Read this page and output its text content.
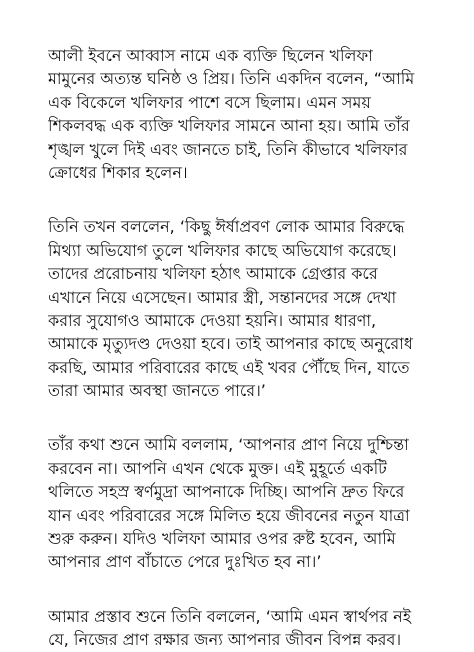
আলী ইবনে আব্বাস নামে এক ব্যক্তি ছিলেন খলিফা
মামুনের অত্যন্ত ঘনিষ্ঠ ও প্রিয়। তিনি একদিন বলেন, “আমি
এক বিকেলে খলিফার পাশে বসে ছিলাম। এমন সময়
শিকলবদ্ধ এক ব্যক্তি খলিফার সামনে আনা হয়। আমি তাঁর
শৃঙ্খল খুলে দিই এবং জানতে চাই, তিনি কীভাবে খলিফার
ক্রোধের শিকার হলেন।
তিনি তখন বললেন, ‘কিছু ঈর্ষাপ্রবণ লোক আমার বিরুদ্ধে
মিথ্যা অভিযোগ তুলে খলিফার কাছে অভিযোগ করেছে।
তাদের প্ররোচনায় খলিফা হঠাৎ আমাকে গ্রেপ্তার করে
এখানে নিয়ে এসেছেন। আমার স্ত্রী, সন্তানদের সঙ্গে দেখা
করার সুযোগও আমাকে দেওয়া হয়নি। আমার ধারণা,
আমাকে মৃত্যুদণ্ড দেওয়া হবে। তাই আপনার কাছে অনুরোধ
করছি, আমার পরিবারের কাছে এই খবর পৌঁছে দিন, যাতে
তারা আমার অবস্থা জানতে পারে।’
তাঁর কথা শুনে আমি বললাম, ‘আপনার প্রাণ নিয়ে দুশ্চিন্তা
করবেন না। আপনি এখন থেকে মুক্ত। এই মুহূর্তে একটি
থলিতে সহস্র স্বর্ণমুদ্রা আপনাকে দিচ্ছি। আপনি দ্রুত ফিরে
যান এবং পরিবারের সঙ্গে মিলিত হয়ে জীবনের নতুন যাত্রা
শুরু করুন। যদিও খলিফা আমার ওপর রুষ্ট হবেন, আমি
আপনার প্রাণ বাঁচাতে পেরে দুঃখিত হব না।’
আমার প্রস্তাব শুনে তিনি বললেন, ‘আমি এমন স্বার্থপর নই
যে, নিজের প্রাণ রক্ষার জন্য আপনার জীবন বিপন্ন করব।
